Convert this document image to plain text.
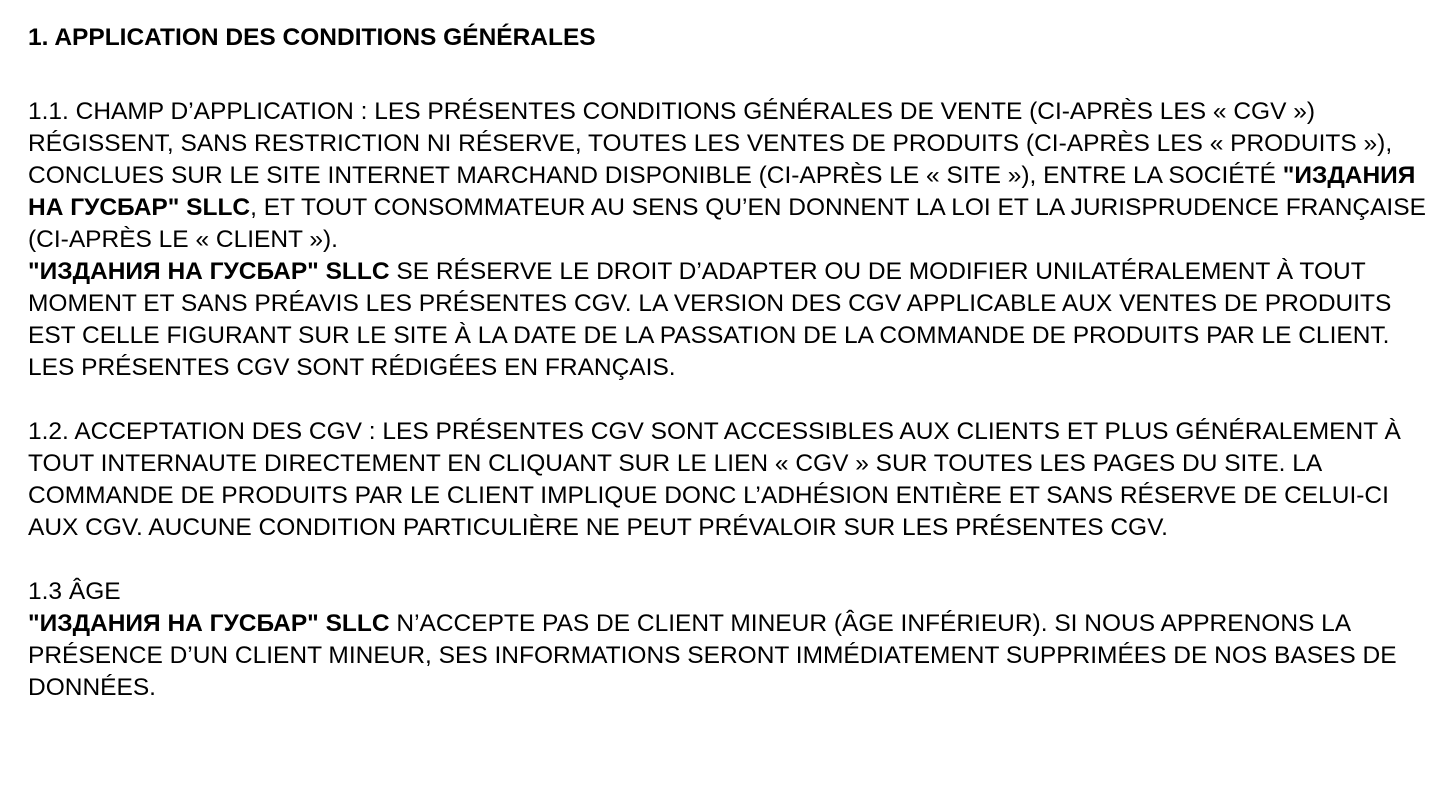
1. APPLICATION DES CONDITIONS GÉNÉRALES

1.1. CHAMP D’APPLICATION : LES PRÉSENTES CONDITIONS GÉNÉRALES DE VENTE (CI-APRÈS LES « CGV ») RÉGISSENT, SANS RESTRICTION NI RÉSERVE, TOUTES LES VENTES DE PRODUITS (CI-APRÈS LES « PRODUITS »), CONCLUES SUR LE SITE INTERNET MARCHAND DISPONIBLE (CI-APRÈS LE « SITE »), ENTRE LA SOCIÉTÉ "ИЗДАНИЯ НА ГУСБАР" SLLC, ET TOUT CONSOMMATEUR AU SENS QU’EN DONNENT LA LOI ET LA JURISPRUDENCE FRANÇAISE (CI-APRÈS LE « CLIENT »).

"ИЗДАНИЯ НА ГУСБАР" SLLC SE RÉSERVE LE DROIT D’ADAPTER OU DE MODIFIER UNILATÉRALEMENT À TOUT MOMENT ET SANS PRÉAVIS LES PRÉSENTES CGV. LA VERSION DES CGV APPLICABLE AUX VENTES DE PRODUITS EST CELLE FIGURANT SUR LE SITE À LA DATE DE LA PASSATION DE LA COMMANDE DE PRODUITS PAR LE CLIENT. LES PRÉSENTES CGV SONT RÉDIGÉES EN FRANÇAIS.

1.2. ACCEPTATION DES CGV : LES PRÉSENTES CGV SONT ACCESSIBLES AUX CLIENTS ET PLUS GÉNÉRALEMENT À TOUT INTERNAUTE DIRECTEMENT EN CLIQUANT SUR LE LIEN « CGV » SUR TOUTES LES PAGES DU SITE. LA COMMANDE DE PRODUITS PAR LE CLIENT IMPLIQUE DONC L’ADHÉSION ENTIÈRE ET SANS RÉSERVE DE CELUI-CI AUX CGV. AUCUNE CONDITION PARTICULIÈRE NE PEUT PRÉVALOIR SUR LES PRÉSENTES CGV.

1.3 ÂGE

"ИЗДАНИЯ НА ГУСБАР" SLLC N’ACCEPTE PAS DE CLIENT MINEUR (ÂGE INFÉRIEUR). SI NOUS APPRENONS LA PRÉSENCE D’UN CLIENT MINEUR, SES INFORMATIONS SERONT IMMÉDIATEMENT SUPPRIMÉES DE NOS BASES DE DONNÉES.
